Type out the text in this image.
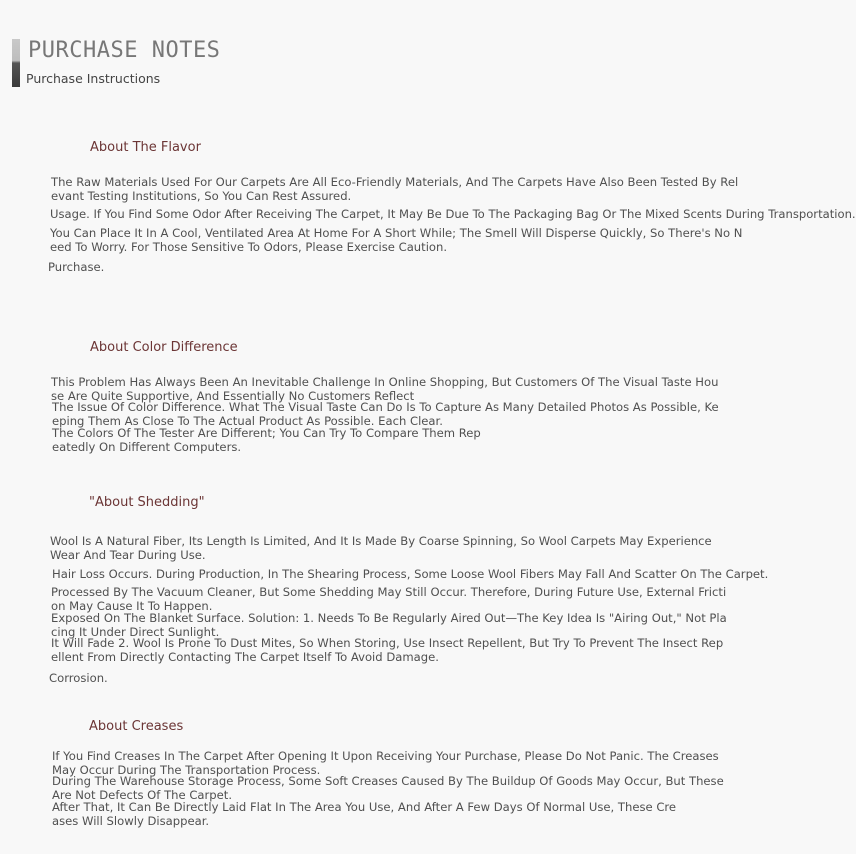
PURCHASE NOTES
Purchase Instructions
About The Flavor
The Raw Materials Used For Our Carpets Are All Eco-Friendly Materials, And The Carpets Have Also Been Tested By Rel
evant Testing Institutions, So You Can Rest Assured.
Usage. If You Find Some Odor After Receiving The Carpet, It May Be Due To The Packaging Bag Or The Mixed Scents During Transportation.
You Can Place It In A Cool, Ventilated Area At Home For A Short While; The Smell Will Disperse Quickly, So There's No N
eed To Worry. For Those Sensitive To Odors, Please Exercise Caution.
Purchase.
About Color Difference
This Problem Has Always Been An Inevitable Challenge In Online Shopping, But Customers Of The Visual Taste Hou
se Are Quite Supportive, And Essentially No Customers Reflect
The Issue Of Color Difference. What The Visual Taste Can Do Is To Capture As Many Detailed Photos As Possible, Ke
eping Them As Close To The Actual Product As Possible. Each Clear.
The Colors Of The Tester Are Different; You Can Try To Compare Them Rep
eatedly On Different Computers.
"About Shedding"
Wool Is A Natural Fiber, Its Length Is Limited, And It Is Made By Coarse Spinning, So Wool Carpets May Experience
Wear And Tear During Use.
Hair Loss Occurs. During Production, In The Shearing Process, Some Loose Wool Fibers May Fall And Scatter On The Carpet.
Processed By The Vacuum Cleaner, But Some Shedding May Still Occur. Therefore, During Future Use, External Fricti
on May Cause It To Happen.
Exposed On The Blanket Surface. Solution: 1. Needs To Be Regularly Aired Out—The Key Idea Is "Airing Out," Not Pla
cing It Under Direct Sunlight.
It Will Fade 2. Wool Is Prone To Dust Mites, So When Storing, Use Insect Repellent, But Try To Prevent The Insect Rep
ellent From Directly Contacting The Carpet Itself To Avoid Damage.
Corrosion.
About Creases
If You Find Creases In The Carpet After Opening It Upon Receiving Your Purchase, Please Do Not Panic. The Creases
May Occur During The Transportation Process.
During The Warehouse Storage Process, Some Soft Creases Caused By The Buildup Of Goods May Occur, But These
Are Not Defects Of The Carpet.
After That, It Can Be Directly Laid Flat In The Area You Use, And After A Few Days Of Normal Use, These Cre
ases Will Slowly Disappear.
